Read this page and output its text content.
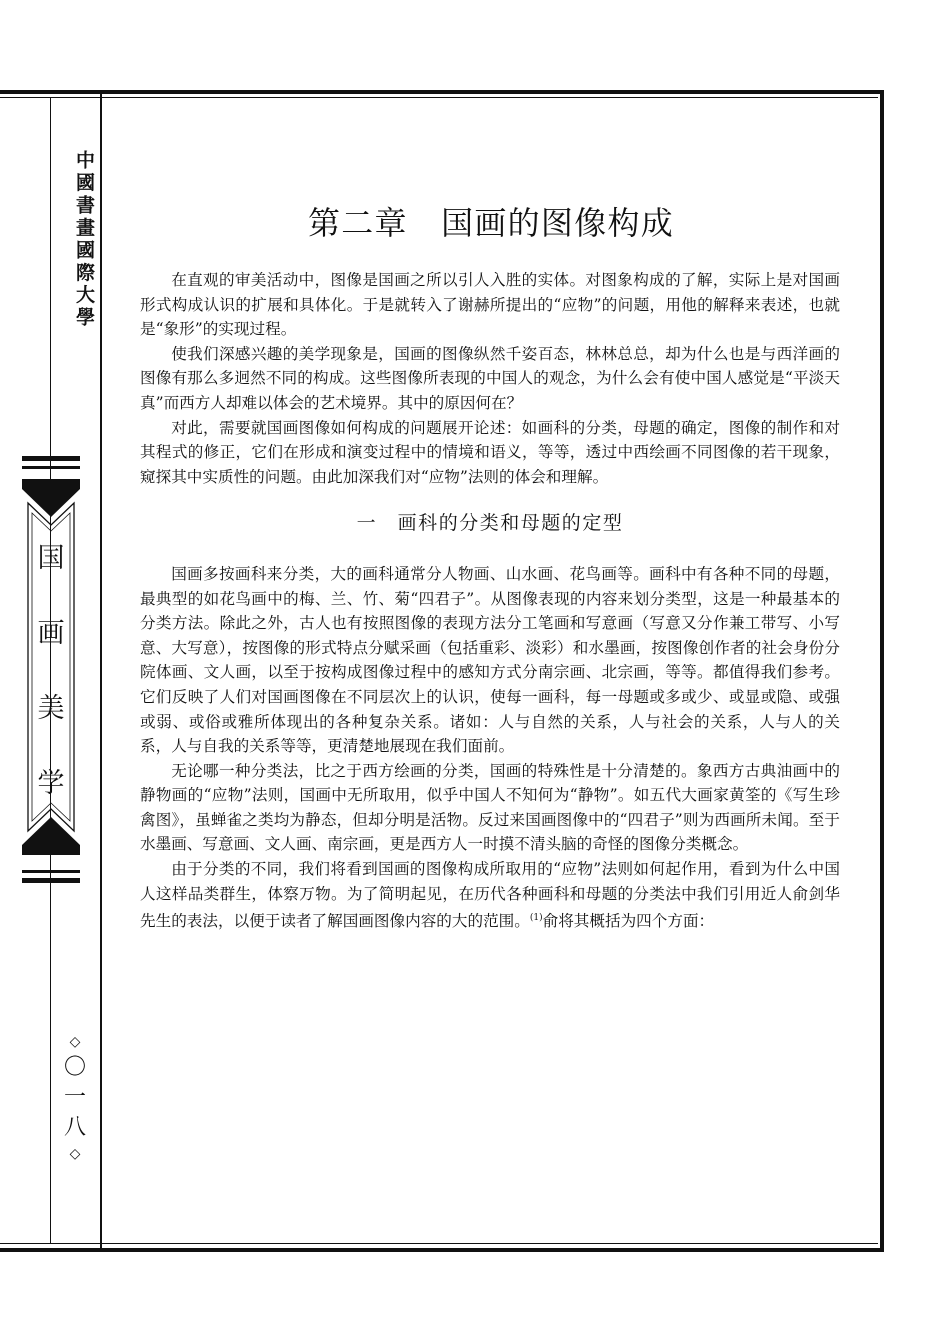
中國書畫國際大學
国
画
美
学
◇
〇
一
八
◇
第二章　国画的图像构成

在直观的审美活动中，图像是国画之所以引人入胜的实体。对图象构成的了解，实际上是对国画形式构成认识的扩展和具体化。于是就转入了谢赫所提出的“应物”的问题，用他的解释来表述，也就是“象形”的实现过程。

使我们深感兴趣的美学现象是，国画的图像纵然千姿百态，林林总总，却为什么也是与西洋画的图像有那么多迥然不同的构成。这些图像所表现的中国人的观念，为什么会有使中国人感觉是“平淡天真”而西方人却难以体会的艺术境界。其中的原因何在？

对此，需要就国画图像如何构成的问题展开论述：如画科的分类，母题的确定，图像的制作和对其程式的修正，它们在形成和演变过程中的情境和语义，等等，透过中西绘画不同图像的若干现象，窥探其中实质性的问题。由此加深我们对“应物”法则的体会和理解。

一　画科的分类和母题的定型

国画多按画科来分类，大的画科通常分人物画、山水画、花鸟画等。画科中有各种不同的母题，最典型的如花鸟画中的梅、兰、竹、菊“四君子”。从图像表现的内容来划分类型，这是一种最基本的分类方法。除此之外，古人也有按照图像的表现方法分工笔画和写意画（写意又分作兼工带写、小写意、大写意），按图像的形式特点分赋采画（包括重彩、淡彩）和水墨画，按图像创作者的社会身份分院体画、文人画，以至于按构成图像过程中的感知方式分南宗画、北宗画，等等。都值得我们参考。它们反映了人们对国画图像在不同层次上的认识，使每一画科，每一母题或多或少、或显或隐、或强或弱、或俗或雅所体现出的各种复杂关系。诸如：人与自然的关系，人与社会的关系，人与人的关系，人与自我的关系等等，更清楚地展现在我们面前。

无论哪一种分类法，比之于西方绘画的分类，国画的特殊性是十分清楚的。象西方古典油画中的静物画的“应物”法则，国画中无所取用，似乎中国人不知何为“静物”。如五代大画家黄筌的《写生珍禽图》，虽蝉雀之类均为静态，但却分明是活物。反过来国画图像中的“四君子”则为西画所未闻。至于水墨画、写意画、文人画、南宗画，更是西方人一时摸不清头脑的奇怪的图像分类概念。

由于分类的不同，我们将看到国画的图像构成所取用的“应物”法则如何起作用，看到为什么中国人这样品类群生，体察万物。为了简明起见，在历代各种画科和母题的分类法中我们引用近人俞剑华先生的表法，以便于读者了解国画图像内容的大的范围。$^{(1)}$俞将其概括为四个方面：
